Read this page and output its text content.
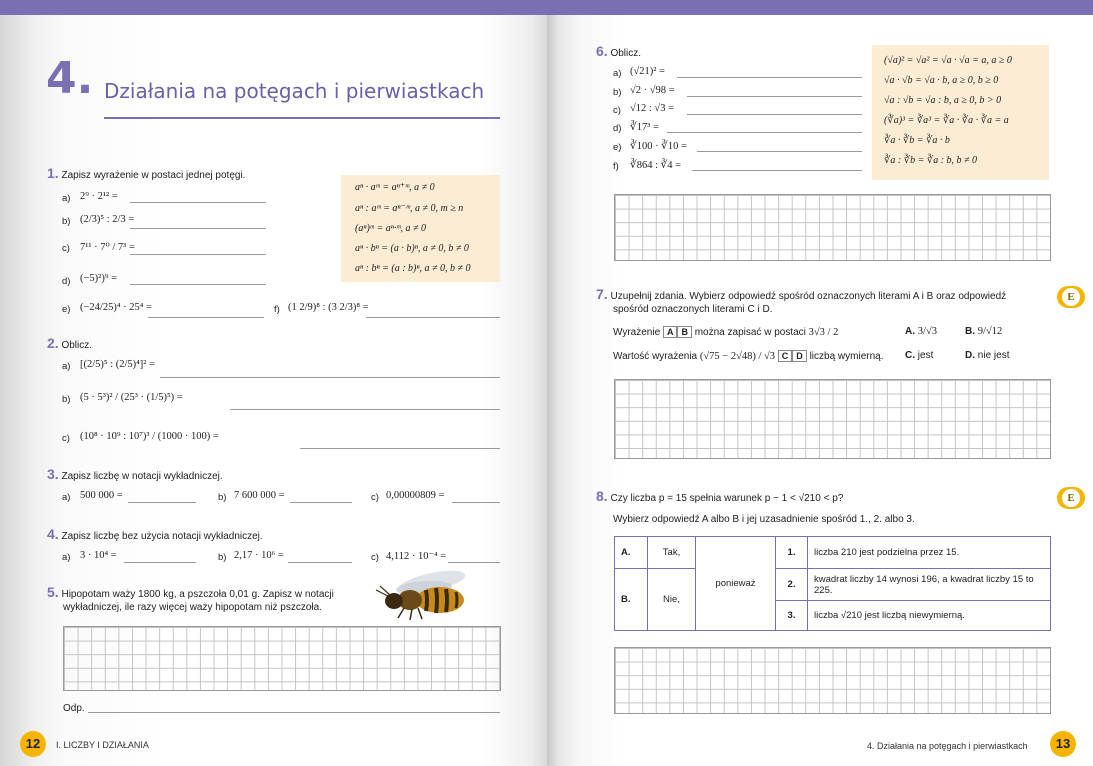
4. Działania na potęgach i pierwiastkach
1. Zapisz wyrażenie w postaci jednej potęgi.
aⁿ · aᵐ = aⁿ⁺ᵐ, a ≠ 0
aⁿ : aᵐ = aⁿ⁻ᵐ, a ≠ 0, m ≥ n
(aⁿ)ᵐ = aⁿ·ᵐ, a ≠ 0
aⁿ · bⁿ = (a · b)ⁿ, a ≠ 0, b ≠ 0
aⁿ : bⁿ = (a : b)ⁿ, a ≠ 0, b ≠ 0
a) 2⁹ · 2¹² =
b) (2/3)⁵ : 2/3 =
c) 7¹¹ · 7⁰ / 7³ =
d) (−5)²)⁹ =
e) (−24/25)⁴ · 25⁴ =	f) (1 2/9)⁸ : (3 2/3)⁸ =
2. Oblicz.
a) [(2/5)⁵ : (2/5)⁴]² =
b) (5 · 5³)² / (25³ · (1/5)⁵) =
c) (10⁸ · 10⁹ : 10⁷)³ / (1000 · 100) =
3. Zapisz liczbę w notacji wykładniczej.
a) 500 000 =	b) 7 600 000 =	c) 0,00000809 =
4. Zapisz liczbę bez użycia notacji wykładniczej.
a) 3 · 10⁴ =	b) 2,17 · 10⁶ =	c) 4,112 · 10⁻⁴ =
5. Hipopotam waży 1800 kg, a pszczoła 0,01 g. Zapisz w notacji
wykładniczej, ile razy więcej waży hipopotam niż pszczoła.
Odp.
12	I. LICZBY I DZIAŁANIA
6. Oblicz.
a) (√21)² =
b) √2 · √98 =
c) √12 : √3 =
d) ∛17³ =
e) ∛100 · ∛10 =
f) ∛864 : ∛4 =
(√a)² = √a² = √a · √a = a, a ≥ 0
√a · √b = √a · b, a ≥ 0, b ≥ 0
√a : √b = √a : b, a ≥ 0, b > 0
(∛a)³ = ∛a³ = ∛a · ∛a · ∛a = a
∛a · ∛b = ∛a · b
∛a : ∛b = ∛a : b, b ≠ 0
7. Uzupełnij zdania. Wybierz odpowiedź spośród oznaczonych literami A i B oraz odpowiedź
spośród oznaczonych literami C i D.
E
Wyrażenie A B można zapisać w postaci 3√3 / 2	A. 3/√3	B. 9/√12
Wartość wyrażenia (√75 − 2√48) / √3 C D liczbą wymierną. C. jest	D. nie jest
8. Czy liczba p = 15 spełnia warunek p − 1 < √210 < p?	E
Wybierz odpowiedź A albo B i jej uzasadnienie spośród 1., 2. albo 3.
A.	Tak,	ponieważ	1.	liczba 210 jest podzielna przez 15.
B.	Nie,		2.	kwadrat liczby 14 wynosi 196, a kwadrat liczby 15 to 225.
			3.	liczba √210 jest liczbą niewymierną.
4. Działania na potęgach i pierwiastkach	13
